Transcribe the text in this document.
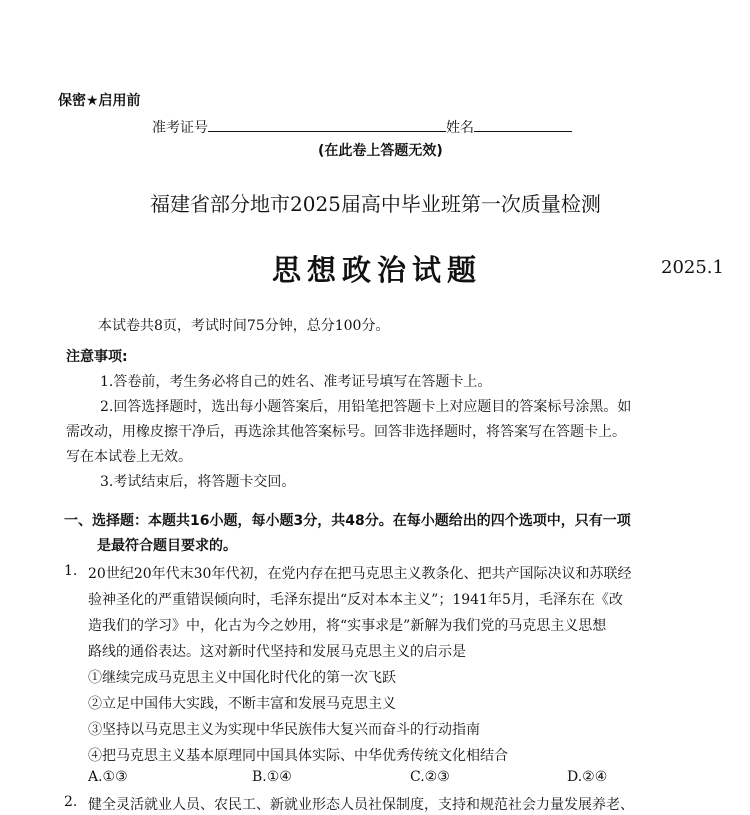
保密★启用前
准考证号	姓名
(在此卷上答题无效)
福建省部分地市2025届高中毕业班第一次质量检测
思想政治试题	2025.1
本试卷共8页，考试时间75分钟，总分100分。
注意事项:
1.答卷前，考生务必将自己的姓名、准考证号填写在答题卡上。
2.回答选择题时，选出每小题答案后，用铅笔把答题卡上对应题目的答案标号涂黑。如
需改动，用橡皮擦干净后，再选涂其他答案标号。回答非选择题时，将答案写在答题卡上。
写在本试卷上无效。
3.考试结束后，将答题卡交回。
一、选择题：本题共16小题，每小题3分，共48分。在每小题给出的四个选项中，只有一项
是最符合题目要求的。
1. 20世纪20年代末30年代初，在党内存在把马克思主义教条化、把共产国际决议和苏联经
验神圣化的严重错误倾向时，毛泽东提出“反对本本主义”；1941年5月，毛泽东在《改
造我们的学习》中，化古为今之妙用，将“实事求是”新解为我们党的马克思主义思想
路线的通俗表达。这对新时代坚持和发展马克思主义的启示是
①继续完成马克思主义中国化时代化的第一次飞跃
②立足中国伟大实践，不断丰富和发展马克思主义
③坚持以马克思主义为实现中华民族伟大复兴而奋斗的行动指南
④把马克思主义基本原理同中国具体实际、中华优秀传统文化相结合
A.①③	B.①④	C.②③	D.②④
2. 健全灵活就业人员、农民工、新就业形态人员社保制度，支持和规范社会力量发展养老、
